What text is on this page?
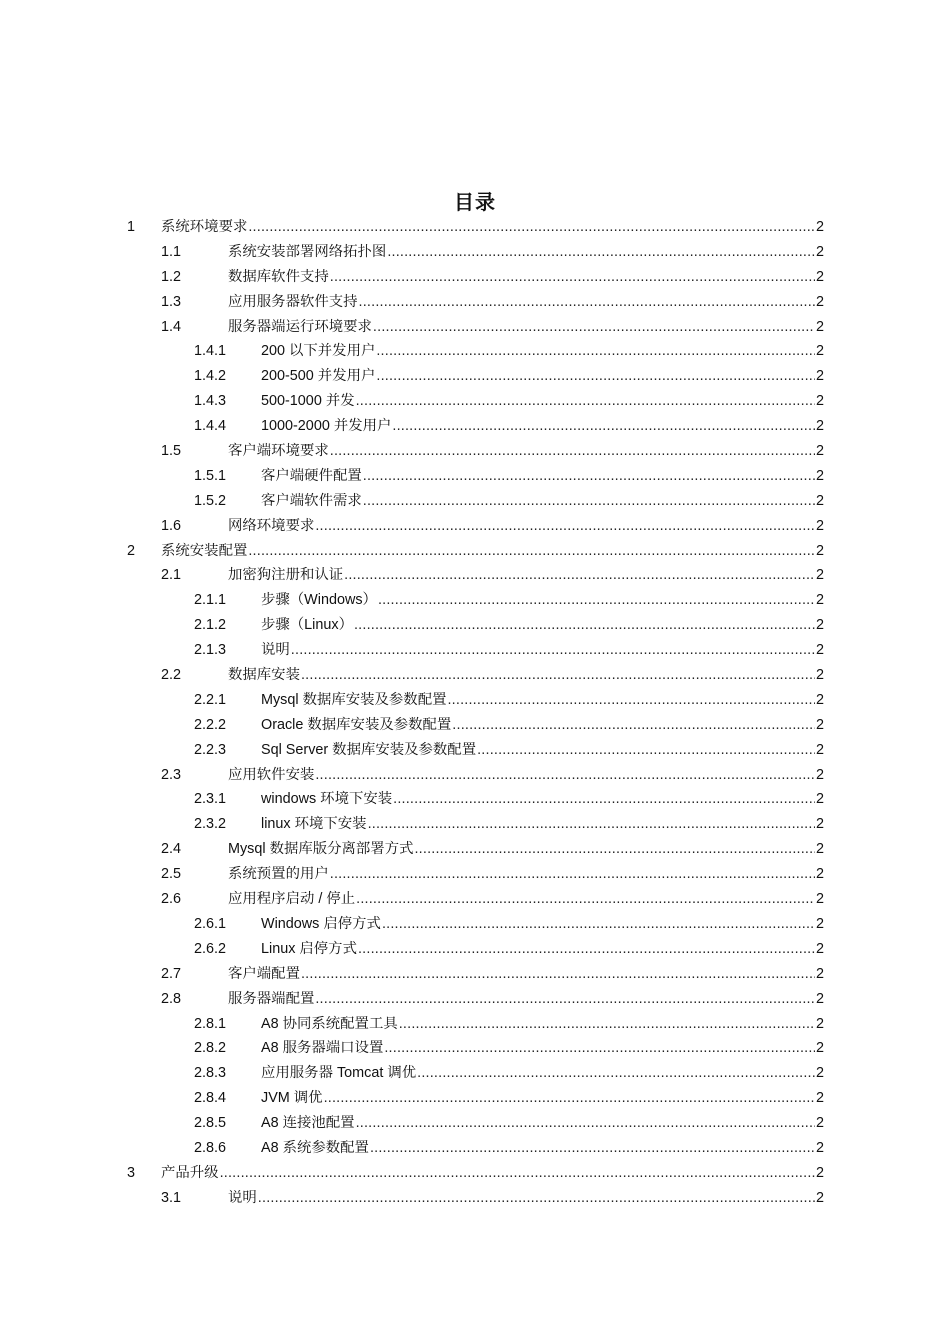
目录
1 系统环境要求 .....	2
1.1	系统安装部署网络拓扑图 .....	2
1.2	数据库软件支持 .....	2
1.3	应用服务器软件支持 .....	2
1.4	服务器端运行环境要求 .....	2
1.4.1 200 以下并发用户 .....	2
1.4.2 200-500 并发用户 .....	2
1.4.3 500-1000 并发 .....	2
1.4.4 1000-2000 并发用户 .....	2
1.5	客户端环境要求 .....	2
1.5.1 客户端硬件配置 .....	2
1.5.2 客户端软件需求 .....	2
1.6	网络环境要求 .....	2
2 系统安装配置 .....	2
2.1	加密狗注册和认证 .....	2
2.1.1 步骤（Windows） .....	2
2.1.2 步骤（Linux） .....	2
2.1.3 说明 .....	2
2.2	数据库安装 .....	2
2.2.1 Mysql 数据库安装及参数配置 .....	2
2.2.2 Oracle 数据库安装及参数配置 .....	2
2.2.3 Sql Server 数据库安装及参数配置 .....	2
2.3	应用软件安装 .....	2
2.3.1 windows 环境下安装 .....	2
2.3.2 linux 环境下安装 .....	2
2.4	Mysql 数据库版分离部署方式 .....	2
2.5	系统预置的用户 .....	2
2.6	应用程序启动 / 停止 .....	2
2.6.1 Windows 启停方式 .....	2
2.6.2 Linux 启停方式 .....	2
2.7	客户端配置 .....	2
2.8	服务器端配置 .....	2
2.8.1 A8 协同系统配置工具 .....	2
2.8.2 A8 服务器端口设置 .....	2
2.8.3 应用服务器 Tomcat 调优 .....	2
2.8.4 JVM 调优 .....	2
2.8.5 A8 连接池配置 .....	2
2.8.6 A8 系统参数配置 .....	2
3 产品升级 .....	2
3.1	说明 .....	2
